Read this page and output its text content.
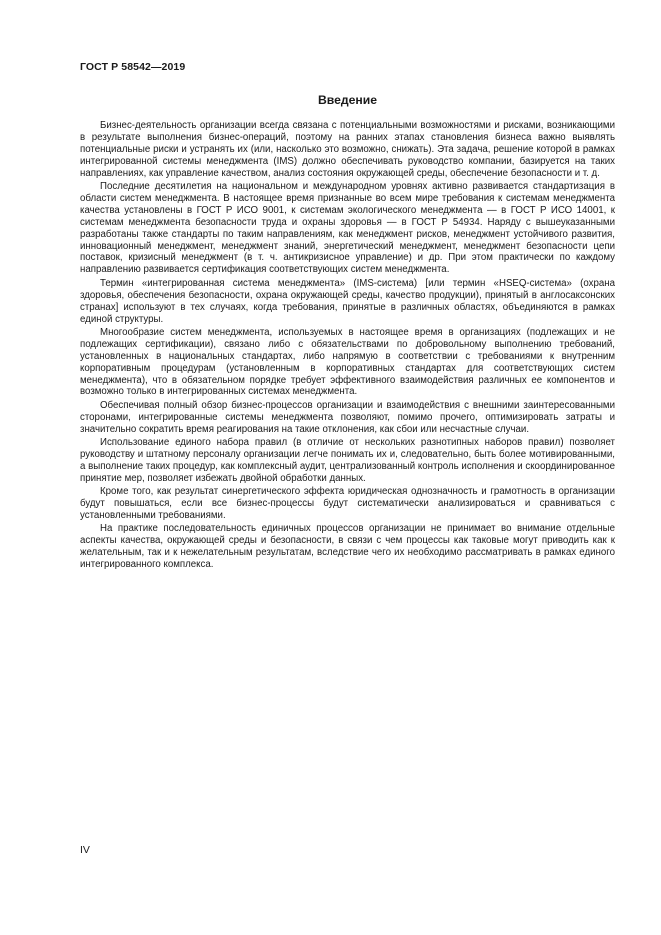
ГОСТ Р 58542—2019
Введение

Бизнес-деятельность организации всегда связана с потенциальными возможностями и рисками, возникающими в результате выполнения бизнес-операций, поэтому на ранних этапах становления бизнеса важно выявлять потенциальные риски и устранять их (или, насколько это возможно, снижать). Эта задача, решение которой в рамках интегрированной системы менеджмента (IMS) должно обеспечивать руководство компании, базируется на таких направлениях, как управление качеством, анализ состояния окружающей среды, обеспечение безопасности и т. д.

Последние десятилетия на национальном и международном уровнях активно развивается стандартизация в области систем менеджмента. В настоящее время признанные во всем мире требования к системам менеджмента качества установлены в ГОСТ Р ИСО 9001, к системам экологического менеджмента — в ГОСТ Р ИСО 14001, к системам менеджмента безопасности труда и охраны здоровья — в ГОСТ Р 54934. Наряду с вышеуказанными разработаны также стандарты по таким направлениям, как менеджмент рисков, менеджмент устойчивого развития, инновационный менеджмент, менеджмент знаний, энергетический менеджмент, менеджмент безопасности цепи поставок, кризисный менеджмент (в т. ч. антикризисное управление) и др. При этом практически по каждому направлению развивается сертификация соответствующих систем менеджмента.

Термин «интегрированная система менеджмента» (IMS-система) [или термин «HSEQ-система» (охрана здоровья, обеспечения безопасности, охрана окружающей среды, качество продукции), принятый в англосаксонских странах] используют в тех случаях, когда требования, принятые в различных областях, объединяются в рамках единой структуры.

Многообразие систем менеджмента, используемых в настоящее время в организациях (подлежащих и не подлежащих сертификации), связано либо с обязательствами по добровольному выполнению требований, установленных в национальных стандартах, либо напрямую в соответствии с требованиями к внутренним корпоративным процедурам (установленным в корпоративных стандартах для соответствующих систем менеджмента), что в обязательном порядке требует эффективного взаимодействия различных ее компонентов и возможно только в интегрированных системах менеджмента.

Обеспечивая полный обзор бизнес-процессов организации и взаимодействия с внешними заинтересованными сторонами, интегрированные системы менеджмента позволяют, помимо прочего, оптимизировать затраты и значительно сократить время реагирования на такие отклонения, как сбои или несчастные случаи.

Использование единого набора правил (в отличие от нескольких разнотипных наборов правил) позволяет руководству и штатному персоналу организации легче понимать их и, следовательно, быть более мотивированными, а выполнение таких процедур, как комплексный аудит, централизованный контроль исполнения и скоординированное принятие мер, позволяет избежать двойной обработки данных.

Кроме того, как результат синергетического эффекта юридическая однозначность и грамотность в организации будут повышаться, если все бизнес-процессы будут систематически анализироваться и сравниваться с установленными требованиями.

На практике последовательность единичных процессов организации не принимает во внимание отдельные аспекты качества, окружающей среды и безопасности, в связи с чем процессы как таковые могут приводить как к желательным, так и к нежелательным результатам, вследствие чего их необходимо рассматривать в рамках единого интегрированного комплекса.

IV
